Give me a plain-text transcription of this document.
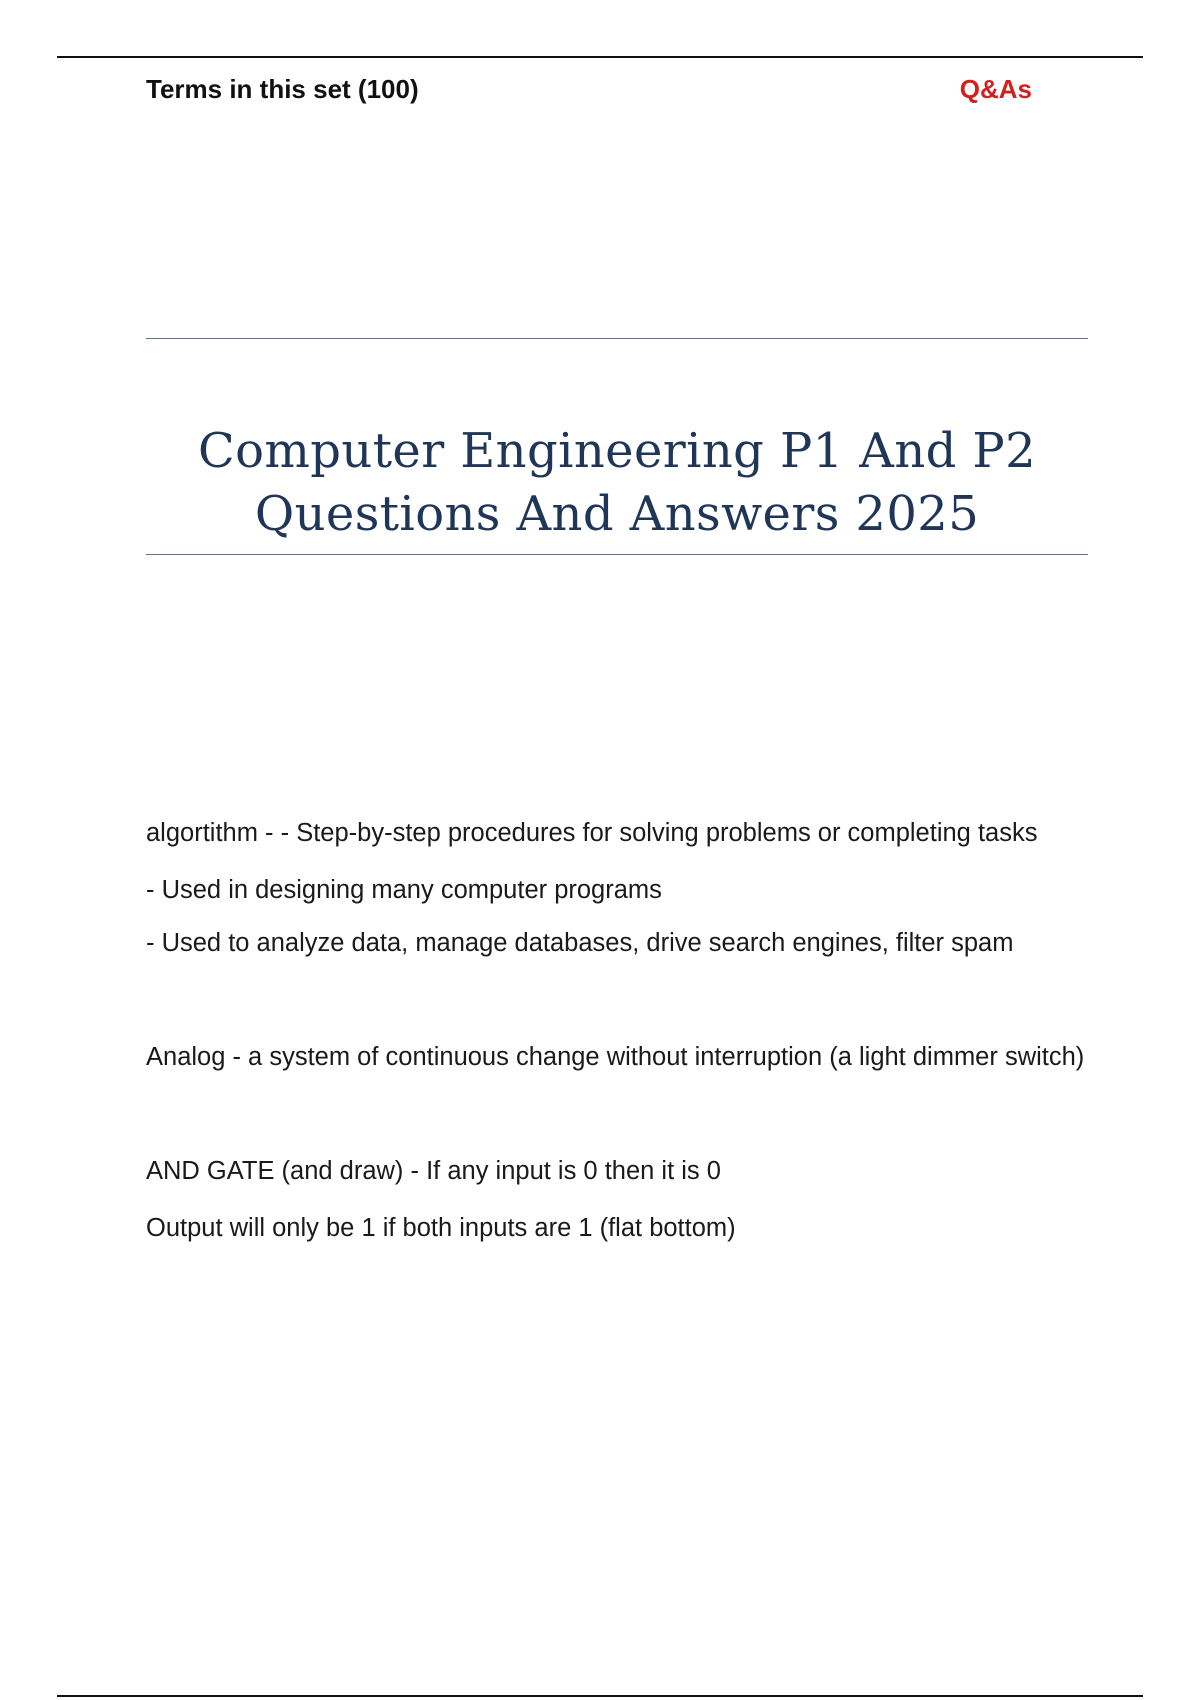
Terms in this set (100)	Q&As
Computer Engineering P1 And P2
Questions And Answers 2025
algortithm - - Step-by-step procedures for solving problems or completing tasks
- Used in designing many computer programs
- Used to analyze data, manage databases, drive search engines, filter spam
Analog - a system of continuous change without interruption (a light dimmer switch)
AND GATE (and draw) - If any input is 0 then it is 0
Output will only be 1 if both inputs are 1 (flat bottom)
